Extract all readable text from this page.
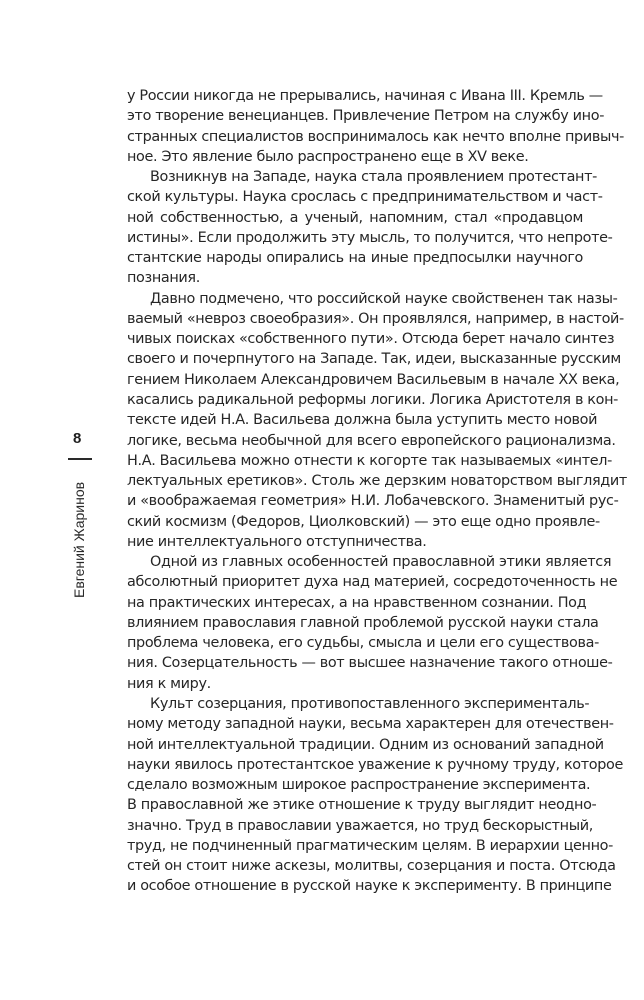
8
Евгений Жаринов
у России никогда не прерывались, начиная с Ивана III. Кремль —
это творение венецианцев. Привлечение Петром на службу ино-
странных специалистов воспринималось как нечто вполне привыч-
ное. Это явление было распространено еще в XV веке.
Возникнув на Западе, наука стала проявлением протестант-
ской культуры. Наука срослась с предпринимательством и част-
ной собственностью, а ученый, напомним, стал «продавцом
истины». Если продолжить эту мысль, то получится, что непроте-
стантские народы опирались на иные предпосылки научного
познания.
Давно подмечено, что российской науке свойственен так назы-
ваемый «невроз своеобразия». Он проявлялся, например, в настой-
чивых поисках «собственного пути». Отсюда берет начало синтез
своего и почерпнутого на Западе. Так, идеи, высказанные русским
гением Николаем Александровичем Васильевым в начале XX века,
касались радикальной реформы логики. Логика Аристотеля в кон-
тексте идей Н.А. Васильева должна была уступить место новой
логике, весьма необычной для всего европейского рационализма.
Н.А. Васильева можно отнести к когорте так называемых «интел-
лектуальных еретиков». Столь же дерзким новаторством выглядит
и «воображаемая геометрия» Н.И. Лобачевского. Знаменитый рус-
ский космизм (Федоров, Циолковский) — это еще одно проявле-
ние интеллектуального отступничества.
Одной из главных особенностей православной этики является
абсолютный приоритет духа над материей, сосредоточенность не
на практических интересах, а на нравственном сознании. Под
влиянием православия главной проблемой русской науки стала
проблема человека, его судьбы, смысла и цели его существова-
ния. Созерцательность — вот высшее назначение такого отноше-
ния к миру.
Культ созерцания, противопоставленного эксперименталь-
ному методу западной науки, весьма характерен для отечествен-
ной интеллектуальной традиции. Одним из оснований западной
науки явилось протестантское уважение к ручному труду, которое
сделало возможным широкое распространение эксперимента.
В православной же этике отношение к труду выглядит неодно-
значно. Труд в православии уважается, но труд бескорыстный,
труд, не подчиненный прагматическим целям. В иерархии ценно-
стей он стоит ниже аскезы, молитвы, созерцания и поста. Отсюда
и особое отношение в русской науке к эксперименту. В принципе
